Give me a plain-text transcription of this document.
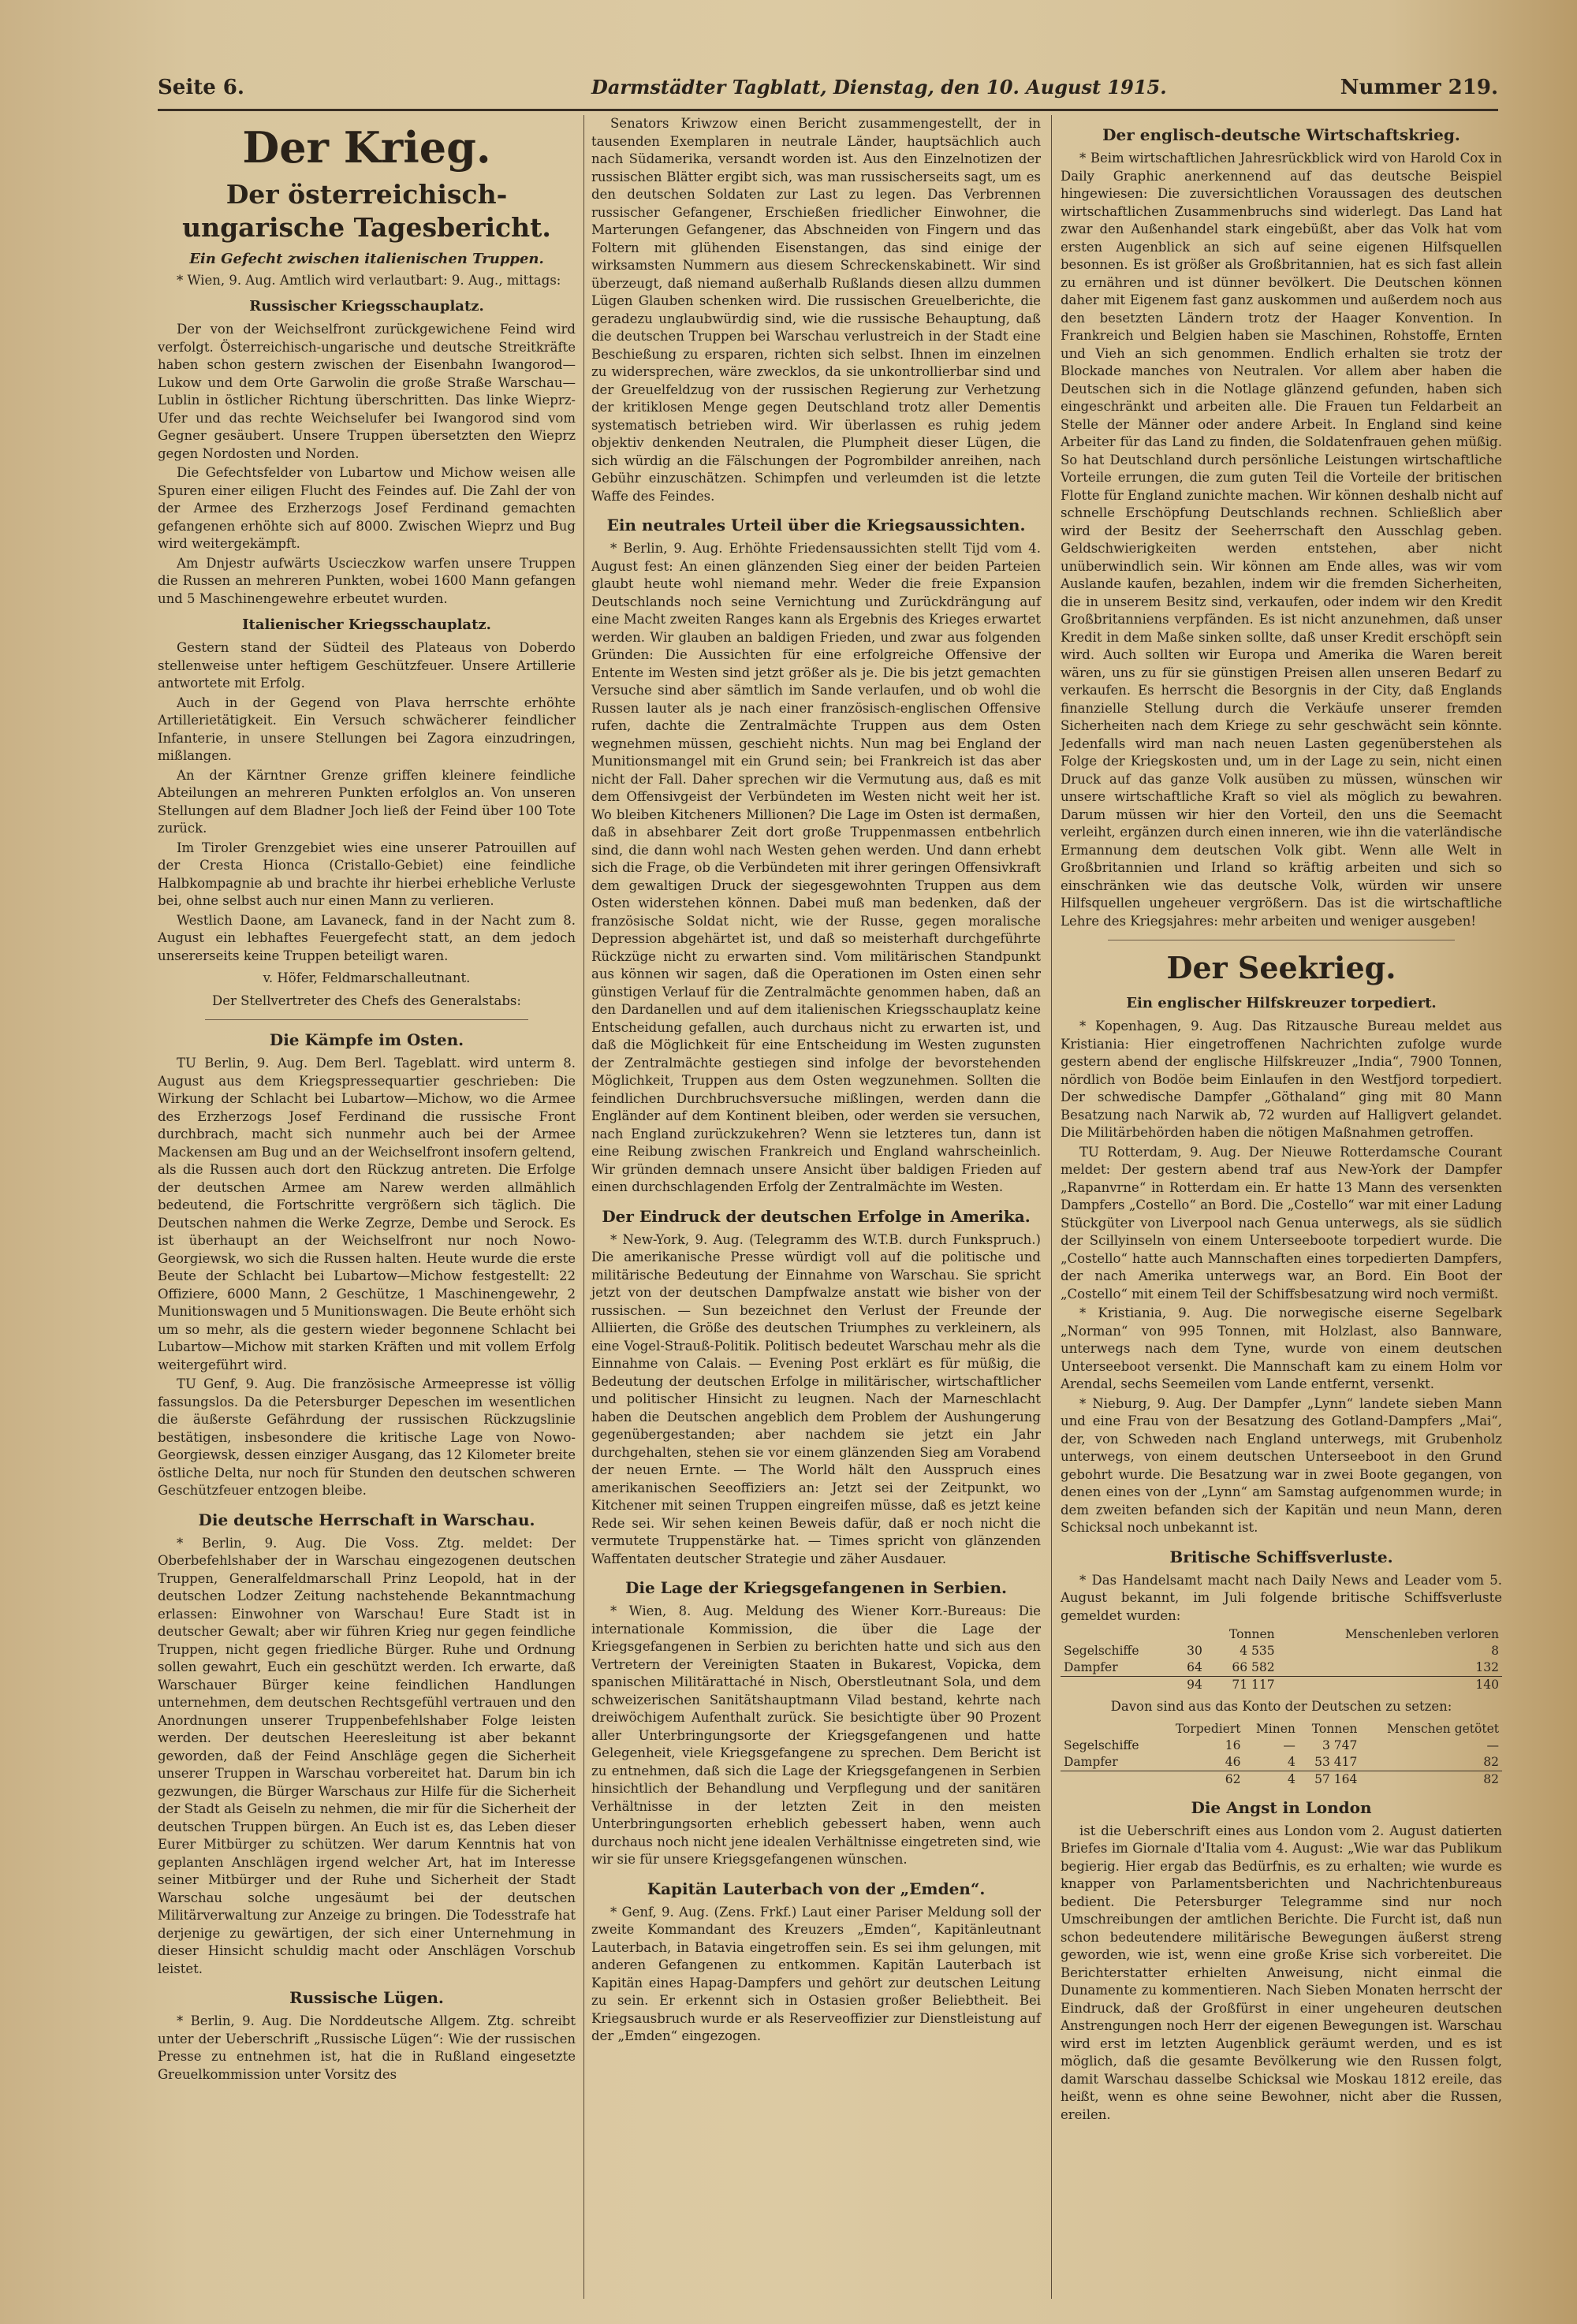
Seite 6.	Darmstädter Tagblatt, Dienstag, den 10. August 1915.	Nummer 219.
Der Krieg.
Der österreichisch-ungarische Tagesbericht.
Ein Gefecht zwischen italienischen Truppen.

* Wien, 9. Aug. Amtlich wird verlautbart: 9. Aug., mittags:

Russischer Kriegsschauplatz.

Der von der Weichselfront zurückgewichene Feind wird verfolgt. Österreichisch-ungarische und deutsche Streitkräfte haben schon gestern zwischen der Eisenbahn Iwangorod—Lukow und dem Orte Garwolin die große Straße Warschau—Lublin in östlicher Richtung überschritten. Das linke Wieprz-Ufer und das rechte Weichselufer bei Iwangorod sind vom Gegner gesäubert. Unsere Truppen übersetzten den Wieprz gegen Nordosten und Norden.

Die Gefechtsfelder von Lubartow und Michow weisen alle Spuren einer eiligen Flucht des Feindes auf. Die Zahl der von der Armee des Erzherzogs Josef Ferdinand gemachten gefangenen erhöhte sich auf 8000. Zwischen Wieprz und Bug wird weitergekämpft.

Am Dnjestr aufwärts Uscieczkow warfen unsere Truppen die Russen an mehreren Punkten, wobei 1600 Mann gefangen und 5 Maschinengewehre erbeutet wurden.

Italienischer Kriegsschauplatz.

Gestern stand der Südteil des Plateaus von Doberdo stellenweise unter heftigem Geschützfeuer. Unsere Artillerie antwortete mit Erfolg.

Auch in der Gegend von Plava herrschte erhöhte Artillerietätigkeit. Ein Versuch schwächerer feindlicher Infanterie, in unsere Stellungen bei Zagora einzudringen, mißlangen.

An der Kärntner Grenze griffen kleinere feindliche Abteilungen an mehreren Punkten erfolglos an. Von unseren Stellungen auf dem Bladner Joch ließ der Feind über 100 Tote zurück.

Im Tiroler Grenzgebiet wies eine unserer Patrouillen auf der Cresta Hionca (Cristallo-Gebiet) eine feindliche Halbkompagnie ab und brachte ihr hierbei erhebliche Verluste bei, ohne selbst auch nur einen Mann zu verlieren.

Westlich Daone, am Lavaneck, fand in der Nacht zum 8. August ein lebhaftes Feuergefecht statt, an dem jedoch unsererseits keine Truppen beteiligt waren.

v. Höfer, Feldmarschalleutnant.
Der Stellvertreter des Chefs des Generalstabs:
Die Kämpfe im Osten.

TU Berlin, 9. Aug. Dem Berl. Tageblatt. wird unterm 8. August aus dem Kriegspressequartier geschrieben: Die Wirkung der Schlacht bei Lubartow—Michow, wo die Armee des Erzherzogs Josef Ferdinand die russische Front durchbrach, macht sich nunmehr auch bei der Armee Mackensen am Bug und an der Weichselfront insofern geltend, als die Russen auch dort den Rückzug antreten. Die Erfolge der deutschen Armee am Narew werden allmählich bedeutend, die Fortschritte vergrößern sich täglich. Die Deutschen nahmen die Werke Zegrze, Dembe und Serock. Es ist überhaupt an der Weichselfront nur noch Nowo-Georgiewsk, wo sich die Russen halten. Heute wurde die erste Beute der Schlacht bei Lubartow—Michow festgestellt: 22 Offiziere, 6000 Mann, 2 Geschütze, 1 Maschinengewehr, 2 Munitionswagen und 5 Munitionswagen. Die Beute erhöht sich um so mehr, als die gestern wieder begonnene Schlacht bei Lubartow—Michow mit starken Kräften und mit vollem Erfolg weitergeführt wird.

TU Genf, 9. Aug. Die französische Armeepresse ist völlig fassungslos. Da die Petersburger Depeschen im wesentlichen die äußerste Gefährdung der russischen Rückzugslinie bestätigen, insbesondere die kritische Lage von Nowo-Georgiewsk, dessen einziger Ausgang, das 12 Kilometer breite östliche Delta, nur noch für Stunden den deutschen schweren Geschützfeuer entzogen bleibe.

Die deutsche Herrschaft in Warschau.

* Berlin, 9. Aug. Die Voss. Ztg. meldet: Der Oberbefehlshaber der in Warschau eingezogenen deutschen Truppen, Generalfeldmarschall Prinz Leopold, hat in der deutschen Lodzer Zeitung nachstehende Bekanntmachung erlassen: Einwohner von Warschau! Eure Stadt ist in deutscher Gewalt; aber wir führen Krieg nur gegen feindliche Truppen, nicht gegen friedliche Bürger. Ruhe und Ordnung sollen gewahrt, Euch ein geschützt werden. Ich erwarte, daß Warschauer Bürger keine feindlichen Handlungen unternehmen, dem deutschen Rechtsgefühl vertrauen und den Anordnungen unserer Truppenbefehlshaber Folge leisten werden. Der deutschen Heeresleitung ist aber bekannt geworden, daß der Feind Anschläge gegen die Sicherheit unserer Truppen in Warschau vorbereitet hat. Darum bin ich gezwungen, die Bürger Warschaus zur Hilfe für die Sicherheit der Stadt als Geiseln zu nehmen, die mir für die Sicherheit der deutschen Truppen bürgen. An Euch ist es, das Leben dieser Eurer Mitbürger zu schützen. Wer darum Kenntnis hat von geplanten Anschlägen irgend welcher Art, hat im Interesse seiner Mitbürger und der Ruhe und Sicherheit der Stadt Warschau solche ungesäumt bei der deutschen Militärverwaltung zur Anzeige zu bringen. Die Todesstrafe hat derjenige zu gewärtigen, der sich einer Unternehmung in dieser Hinsicht schuldig macht oder Anschlägen Vorschub leistet.

Russische Lügen.

* Berlin, 9. Aug. Die Norddeutsche Allgem. Ztg. schreibt unter der Ueberschrift „Russische Lügen“: Wie der russischen Presse zu entnehmen ist, hat die in Rußland eingesetzte Greuelkommission unter Vorsitz des

Senators Kriwzow einen Bericht zusammengestellt, der in tausenden Exemplaren in neutrale Länder, hauptsächlich auch nach Südamerika, versandt worden ist. Aus den Einzelnotizen der russischen Blätter ergibt sich, was man russischerseits sagt, um es den deutschen Soldaten zur Last zu legen. Das Verbrennen russischer Gefangener, Erschießen friedlicher Einwohner, die Marterungen Gefangener, das Abschneiden von Fingern und das Foltern mit glühenden Eisenstangen, das sind einige der wirksamsten Nummern aus diesem Schreckenskabinett. Wir sind überzeugt, daß niemand außerhalb Rußlands diesen allzu dummen Lügen Glauben schenken wird. Die russischen Greuelberichte, die geradezu unglaubwürdig sind, wie die russische Behauptung, daß die deutschen Truppen bei Warschau verlustreich in der Stadt eine Beschießung zu ersparen, richten sich selbst. Ihnen im einzelnen zu widersprechen, wäre zwecklos, da sie unkontrollierbar sind und der Greuelfeldzug von der russischen Regierung zur Verhetzung der kritiklosen Menge gegen Deutschland trotz aller Dementis systematisch betrieben wird. Wir überlassen es ruhig jedem objektiv denkenden Neutralen, die Plumpheit dieser Lügen, die sich würdig an die Fälschungen der Pogrombilder anreihen, nach Gebühr einzuschätzen. Schimpfen und verleumden ist die letzte Waffe des Feindes.

Ein neutrales Urteil über die Kriegsaussichten.

* Berlin, 9. Aug. Erhöhte Friedensaussichten stellt Tijd vom 4. August fest: An einen glänzenden Sieg einer der beiden Parteien glaubt heute wohl niemand mehr. Weder die freie Expansion Deutschlands noch seine Vernichtung und Zurückdrängung auf eine Macht zweiten Ranges kann als Ergebnis des Krieges erwartet werden. Wir glauben an baldigen Frieden, und zwar aus folgenden Gründen: Die Aussichten für eine erfolgreiche Offensive der Entente im Westen sind jetzt größer als je. Die bis jetzt gemachten Versuche sind aber sämtlich im Sande verlaufen, und ob wohl die Russen lauter als je nach einer französisch-englischen Offensive rufen, dachte die Zentralmächte Truppen aus dem Osten wegnehmen müssen, geschieht nichts. Nun mag bei England der Munitionsmangel mit ein Grund sein; bei Frankreich ist das aber nicht der Fall. Daher sprechen wir die Vermutung aus, daß es mit dem Offensivgeist der Verbündeten im Westen nicht weit her ist. Wo bleiben Kitcheners Millionen? Die Lage im Osten ist dermaßen, daß in absehbarer Zeit dort große Truppenmassen entbehrlich sind, die dann wohl nach Westen gehen werden. Und dann erhebt sich die Frage, ob die Verbündeten mit ihrer geringen Offensivkraft dem gewaltigen Druck der siegesgewohnten Truppen aus dem Osten widerstehen können. Dabei muß man bedenken, daß der französische Soldat nicht, wie der Russe, gegen moralische Depression abgehärtet ist, und daß so meisterhaft durchgeführte Rückzüge nicht zu erwarten sind. Vom militärischen Standpunkt aus können wir sagen, daß die Operationen im Osten einen sehr günstigen Verlauf für die Zentralmächte genommen haben, daß an den Dardanellen und auf dem italienischen Kriegsschauplatz keine Entscheidung gefallen, auch durchaus nicht zu erwarten ist, und daß die Möglichkeit für eine Entscheidung im Westen zugunsten der Zentralmächte gestiegen sind infolge der bevorstehenden Möglichkeit, Truppen aus dem Osten wegzunehmen. Sollten die feindlichen Durchbruchsversuche mißlingen, werden dann die Engländer auf dem Kontinent bleiben, oder werden sie versuchen, nach England zurückzukehren? Wenn sie letzteres tun, dann ist eine Reibung zwischen Frankreich und England wahrscheinlich. Wir gründen demnach unsere Ansicht über baldigen Frieden auf einen durchschlagenden Erfolg der Zentralmächte im Westen.

Der Eindruck der deutschen Erfolge in Amerika.

* New-York, 9. Aug. (Telegramm des W.T.B. durch Funkspruch.) Die amerikanische Presse würdigt voll auf die politische und militärische Bedeutung der Einnahme von Warschau. Sie spricht jetzt von der deutschen Dampfwalze anstatt wie bisher von der russischen. — Sun bezeichnet den Verlust der Freunde der Alliierten, die Größe des deutschen Triumphes zu verkleinern, als eine Vogel-Strauß-Politik. Politisch bedeutet Warschau mehr als die Einnahme von Calais. — Evening Post erklärt es für müßig, die Bedeutung der deutschen Erfolge in militärischer, wirtschaftlicher und politischer Hinsicht zu leugnen. Nach der Marneschlacht haben die Deutschen angeblich dem Problem der Aushungerung gegenübergestanden; aber nachdem sie jetzt ein Jahr durchgehalten, stehen sie vor einem glänzenden Sieg am Vorabend der neuen Ernte. — The World hält den Ausspruch eines amerikanischen Seeoffiziers an: Jetzt sei der Zeitpunkt, wo Kitchener mit seinen Truppen eingreifen müsse, daß es jetzt keine Rede sei. Wir sehen keinen Beweis dafür, daß er noch nicht die vermutete Truppenstärke hat. — Times spricht von glänzenden Waffentaten deutscher Strategie und zäher Ausdauer.

Die Lage der Kriegsgefangenen in Serbien.

* Wien, 8. Aug. Meldung des Wiener Korr.-Bureaus: Die internationale Kommission, die über die Lage der Kriegsgefangenen in Serbien zu berichten hatte und sich aus den Vertretern der Vereinigten Staaten in Bukarest, Vopicka, dem spanischen Militärattaché in Nisch, Oberstleutnant Sola, und dem schweizerischen Sanitätshauptmann Vilad bestand, kehrte nach dreiwöchigem Aufenthalt zurück. Sie besichtigte über 90 Prozent aller Unterbringungsorte der Kriegsgefangenen und hatte Gelegenheit, viele Kriegsgefangene zu sprechen. Dem Bericht ist zu entnehmen, daß sich die Lage der Kriegsgefangenen in Serbien hinsichtlich der Behandlung und Verpflegung und der sanitären Verhältnisse in der letzten Zeit in den meisten Unterbringungsorten erheblich gebessert haben, wenn auch durchaus noch nicht jene idealen Verhältnisse eingetreten sind, wie wir sie für unsere Kriegsgefangenen wünschen.

Kapitän Lauterbach von der „Emden“.

* Genf, 9. Aug. (Zens. Frkf.) Laut einer Pariser Meldung soll der zweite Kommandant des Kreuzers „Emden“, Kapitänleutnant Lauterbach, in Batavia eingetroffen sein. Es sei ihm gelungen, mit anderen Gefangenen zu entkommen. Kapitän Lauterbach ist Kapitän eines Hapag-Dampfers und gehört zur deutschen Leitung zu sein. Er erkennt sich in Ostasien großer Beliebtheit. Bei Kriegsausbruch wurde er als Reserveoffizier zur Dienstleistung auf der „Emden“ eingezogen.

Der englisch-deutsche Wirtschaftskrieg.

* Beim wirtschaftlichen Jahresrückblick wird von Harold Cox in Daily Graphic anerkennend auf das deutsche Beispiel hingewiesen: Die zuversichtlichen Voraussagen des deutschen wirtschaftlichen Zusammenbruchs sind widerlegt. Das Land hat zwar den Außenhandel stark eingebüßt, aber das Volk hat vom ersten Augenblick an sich auf seine eigenen Hilfsquellen besonnen. Es ist größer als Großbritannien, hat es sich fast allein zu ernähren und ist dünner bevölkert. Die Deutschen können daher mit Eigenem fast ganz auskommen und außerdem noch aus den besetzten Ländern trotz der Haager Konvention. In Frankreich und Belgien haben sie Maschinen, Rohstoffe, Ernten und Vieh an sich genommen. Endlich erhalten sie trotz der Blockade manches von Neutralen. Vor allem aber haben die Deutschen sich in die Notlage glänzend gefunden, haben sich eingeschränkt und arbeiten alle. Die Frauen tun Feldarbeit an Stelle der Männer oder andere Arbeit. In England sind keine Arbeiter für das Land zu finden, die Soldatenfrauen gehen müßig. So hat Deutschland durch persönliche Leistungen wirtschaftliche Vorteile errungen, die zum guten Teil die Vorteile der britischen Flotte für England zunichte machen. Wir können deshalb nicht auf schnelle Erschöpfung Deutschlands rechnen. Schließlich aber wird der Besitz der Seeherrschaft den Ausschlag geben. Geldschwierigkeiten werden entstehen, aber nicht unüberwindlich sein. Wir können am Ende alles, was wir vom Auslande kaufen, bezahlen, indem wir die fremden Sicherheiten, die in unserem Besitz sind, verkaufen, oder indem wir den Kredit Großbritanniens verpfänden. Es ist nicht anzunehmen, daß unser Kredit in dem Maße sinken sollte, daß unser Kredit erschöpft sein wird. Auch sollten wir Europa und Amerika die Waren bereit wären, uns zu für sie günstigen Preisen allen unseren Bedarf zu verkaufen. Es herrscht die Besorgnis in der City, daß Englands finanzielle Stellung durch die Verkäufe unserer fremden Sicherheiten nach dem Kriege zu sehr geschwächt sein könnte. Jedenfalls wird man nach neuen Lasten gegenüberstehen als Folge der Kriegskosten und, um in der Lage zu sein, nicht einen Druck auf das ganze Volk ausüben zu müssen, wünschen wir unsere wirtschaftliche Kraft so viel als möglich zu bewahren. Darum müssen wir hier den Vorteil, den uns die Seemacht verleiht, ergänzen durch einen inneren, wie ihn die vaterländische Ermannung dem deutschen Volk gibt. Wenn alle Welt in Großbritannien und Irland so kräftig arbeiten und sich so einschränken wie das deutsche Volk, würden wir unsere Hilfsquellen ungeheuer vergrößern. Das ist die wirtschaftliche Lehre des Kriegsjahres: mehr arbeiten und weniger ausgeben!

Der Seekrieg.
Ein englischer Hilfskreuzer torpediert.

* Kopenhagen, 9. Aug. Das Ritzausche Bureau meldet aus Kristiania: Hier eingetroffenen Nachrichten zufolge wurde gestern abend der englische Hilfskreuzer „India“, 7900 Tonnen, nördlich von Bodöe beim Einlaufen in den Westfjord torpediert. Der schwedische Dampfer „Göthaland“ ging mit 80 Mann Besatzung nach Narwik ab, 72 wurden auf Halligvert gelandet. Die Militärbehörden haben die nötigen Maßnahmen getroffen.

TU Rotterdam, 9. Aug. Der Nieuwe Rotterdamsche Courant meldet: Der gestern abend traf aus New-York der Dampfer „Rapanvrne“ in Rotterdam ein. Er hatte 13 Mann des versenkten Dampfers „Costello“ an Bord. Die „Costello“ war mit einer Ladung Stückgüter von Liverpool nach Genua unterwegs, als sie südlich der Scillyinseln von einem Unterseeboote torpediert wurde. Die „Costello“ hatte auch Mannschaften eines torpedierten Dampfers, der nach Amerika unterwegs war, an Bord. Ein Boot der „Costello“ mit einem Teil der Schiffsbesatzung wird noch vermißt.

* Kristiania, 9. Aug. Die norwegische eiserne Segelbark „Norman“ von 995 Tonnen, mit Holzlast, also Bannware, unterwegs nach dem Tyne, wurde von einem deutschen Unterseeboot versenkt. Die Mannschaft kam zu einem Holm vor Arendal, sechs Seemeilen vom Lande entfernt, versenkt.

* Nieburg, 9. Aug. Der Dampfer „Lynn“ landete sieben Mann und eine Frau von der Besatzung des Gotland-Dampfers „Mai“, der, von Schweden nach England unterwegs, mit Grubenholz unterwegs, von einem deutschen Unterseeboot in den Grund gebohrt wurde. Die Besatzung war in zwei Boote gegangen, von denen eines von der „Lynn“ am Samstag aufgenommen wurde; in dem zweiten befanden sich der Kapitän und neun Mann, deren Schicksal noch unbekannt ist.

Britische Schiffsverluste.

* Das Handelsamt macht nach Daily News and Leader vom 5. August bekannt, im Juli folgende britische Schiffsverluste gemeldet wurden:

		Tonnen	Menschenleben verloren
Segelschiffe	30	4 535	8
Dampfer	64	66 582	132
	94	71 117	140
Davon sind aus das Konto der Deutschen zu setzen:
	Torpediert	Minen	Tonnen	Menschen getötet
Segelschiffe	16	—	3 747	—
Dampfer	46	4	53 417	82
	62	4	57 164	82
Die Angst in London

ist die Ueberschrift eines aus London vom 2. August datierten Briefes im Giornale d'Italia vom 4. August: „Wie war das Publikum begierig. Hier ergab das Bedürfnis, es zu erhalten; wie wurde es knapper von Parlamentsberichten und Nachrichtenbureaus bedient. Die Petersburger Telegramme sind nur noch Umschreibungen der amtlichen Berichte. Die Furcht ist, daß nun schon bedeutendere militärische Bewegungen äußerst streng geworden, wie ist, wenn eine große Krise sich vorbereitet. Die Berichterstatter erhielten Anweisung, nicht einmal die Dunamente zu kommentieren. Nach Sieben Monaten herrscht der Eindruck, daß der Großfürst in einer ungeheuren deutschen Anstrengungen noch Herr der eigenen Bewegungen ist. Warschau wird erst im letzten Augenblick geräumt werden, und es ist möglich, daß die gesamte Bevölkerung wie den Russen folgt, damit Warschau dasselbe Schicksal wie Moskau 1812 ereile, das heißt, wenn es ohne seine Bewohner, nicht aber die Russen, ereilen.
